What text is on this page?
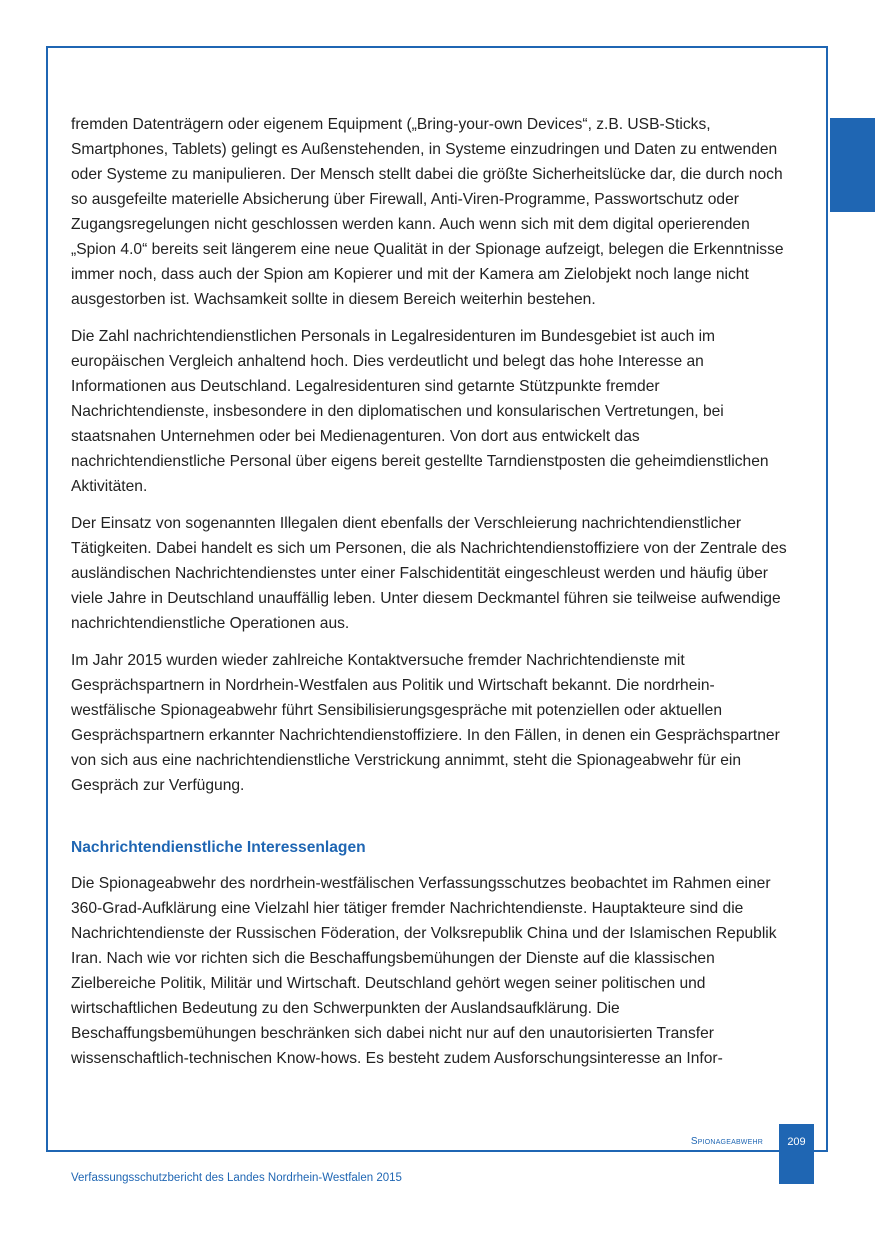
fremden Datenträgern oder eigenem Equipment („Bring-your-own Devices“, z.B. USB-Sticks, Smartphones, Tablets) gelingt es Außenstehenden, in Systeme einzudringen und Daten zu entwenden oder Systeme zu manipulieren. Der Mensch stellt dabei die größte Sicherheitslücke dar, die durch noch so ausgefeilte materielle Absicherung über Firewall, Anti-Viren-Programme, Passwortschutz oder Zugangsregelungen nicht geschlossen werden kann. Auch wenn sich mit dem digital operierenden „Spion 4.0“ bereits seit längerem eine neue Qualität in der Spionage aufzeigt, belegen die Erkenntnisse immer noch, dass auch der Spion am Kopierer und mit der Kamera am Zielobjekt noch lange nicht ausgestorben ist. Wachsamkeit sollte in diesem Bereich weiterhin bestehen.

Die Zahl nachrichtendienstlichen Personals in Legalresidenturen im Bundesgebiet ist auch im europäischen Vergleich anhaltend hoch. Dies verdeutlicht und belegt das hohe Interesse an Informationen aus Deutschland. Legalresidenturen sind getarnte Stützpunkte fremder Nachrichtendienste, insbesondere in den diplomatischen und konsularischen Vertretungen, bei staatsnahen Unternehmen oder bei Medienagenturen. Von dort aus entwickelt das nachrichtendienstliche Personal über eigens bereit gestellte Tarndienstposten die geheimdienstlichen Aktivitäten.

Der Einsatz von sogenannten Illegalen dient ebenfalls der Verschleierung nachrichtendienstlicher Tätigkeiten. Dabei handelt es sich um Personen, die als Nachrichtendienstoffiziere von der Zentrale des ausländischen Nachrichtendienstes unter einer Falschidentität eingeschleust werden und häufig über viele Jahre in Deutschland unauffällig leben. Unter diesem Deckmantel führen sie teilweise aufwendige nachrichtendienstliche Operationen aus.

Im Jahr 2015 wurden wieder zahlreiche Kontaktversuche fremder Nachrichtendienste mit Gesprächspartnern in Nordrhein-Westfalen aus Politik und Wirtschaft bekannt. Die nordrhein-westfälische Spionageabwehr führt Sensibilisierungsgespräche mit potenziellen oder aktuellen Gesprächspartnern erkannter Nachrichtendienstoffiziere. In den Fällen, in denen ein Gesprächspartner von sich aus eine nachrichtendienstliche Verstrickung annimmt, steht die Spionageabwehr für ein Gespräch zur Verfügung.

Nachrichtendienstliche Interessenlagen

Die Spionageabwehr des nordrhein-westfälischen Verfassungsschutzes beobachtet im Rahmen einer 360-Grad-Aufklärung eine Vielzahl hier tätiger fremder Nachrichtendienste. Hauptakteure sind die Nachrichtendienste der Russischen Föderation, der Volksrepublik China und der Islamischen Republik Iran. Nach wie vor richten sich die Beschaffungsbemühungen der Dienste auf die klassischen Zielbereiche Politik, Militär und Wirtschaft. Deutschland gehört wegen seiner politischen und wirtschaftlichen Bedeutung zu den Schwerpunkten der Auslandsaufklärung. Die Beschaffungsbemühungen beschränken sich dabei nicht nur auf den unautorisierten Transfer wissenschaftlich-technischen Know-hows. Es besteht zudem Ausforschungsinteresse an Infor-

Spionageabwehr	209
Verfassungsschutzbericht des Landes Nordrhein-Westfalen 2015
